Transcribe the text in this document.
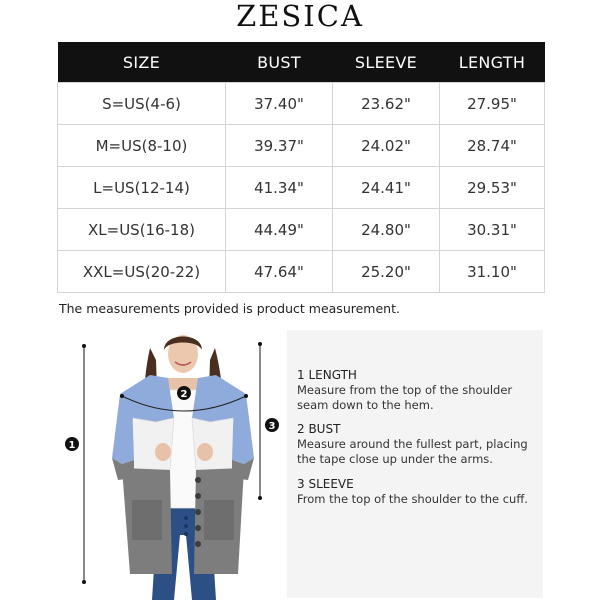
ZESICA
SIZE	BUST	SLEEVE	LENGTH
S=US(4-6)	37.40"	23.62"	27.95"
M=US(8-10)	39.37"	24.02"	28.74"
L=US(12-14)	41.34"	24.41"	29.53"
XL=US(16-18)	44.49"	24.80"	30.31"
XXL=US(20-22)	47.64"	25.20"	31.10"
The measurements provided is product measurement.
1
2
3
1 LENGTH
Measure from the top of the shoulder
seam down to the hem.
2 BUST
Measure around the fullest part, placing
the tape close up under the arms.
3 SLEEVE
From the top of the shoulder to the cuff.
